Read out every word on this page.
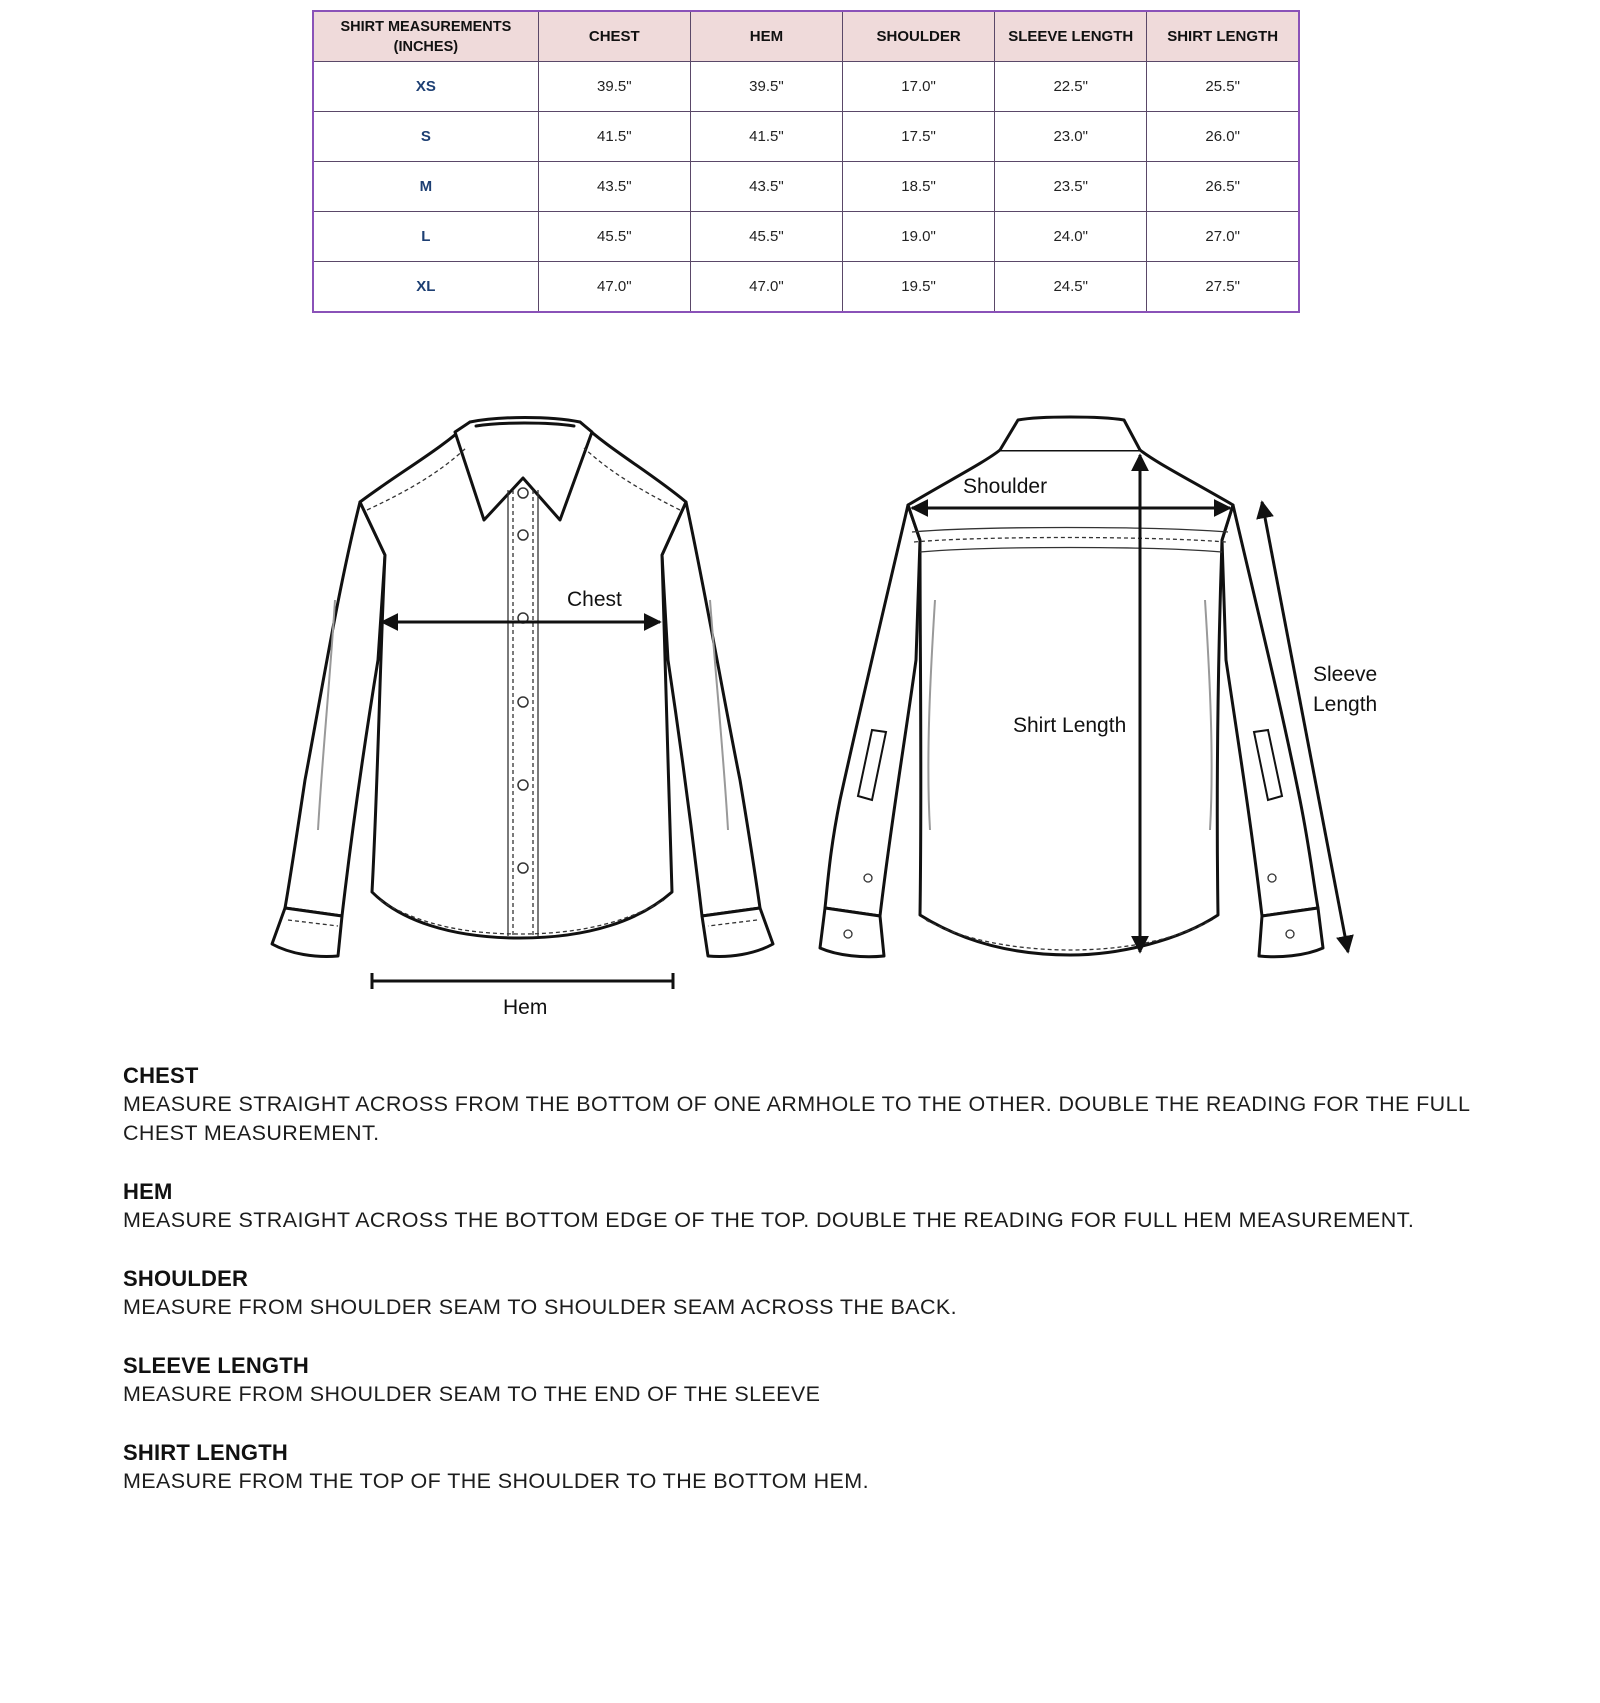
SHIRT MEASUREMENTS (INCHES)	CHEST	HEM	SHOULDER	SLEEVE LENGTH	SHIRT LENGTH
XS	39.5"	39.5"	17.0"	22.5"	25.5"
S	41.5"	41.5"	17.5"	23.0"	26.0"
M	43.5"	43.5"	18.5"	23.5"	26.5"
L	45.5"	45.5"	19.0"	24.0"	27.0"
XL	47.0"	47.0"	19.5"	24.5"	27.5"
Chest
Hem
Shoulder
Shirt Length
Sleeve
Length
CHEST
MEASURE STRAIGHT ACROSS FROM THE BOTTOM OF ONE ARMHOLE TO THE OTHER. DOUBLE THE READING FOR THE FULL CHEST MEASUREMENT.
HEM
MEASURE STRAIGHT ACROSS THE BOTTOM EDGE OF THE TOP. DOUBLE THE READING FOR FULL HEM MEASUREMENT.
SHOULDER
MEASURE FROM SHOULDER SEAM TO SHOULDER SEAM ACROSS THE BACK.
SLEEVE LENGTH
MEASURE FROM SHOULDER SEAM TO THE END OF THE SLEEVE
SHIRT LENGTH
MEASURE FROM THE TOP OF THE SHOULDER TO THE BOTTOM HEM.
